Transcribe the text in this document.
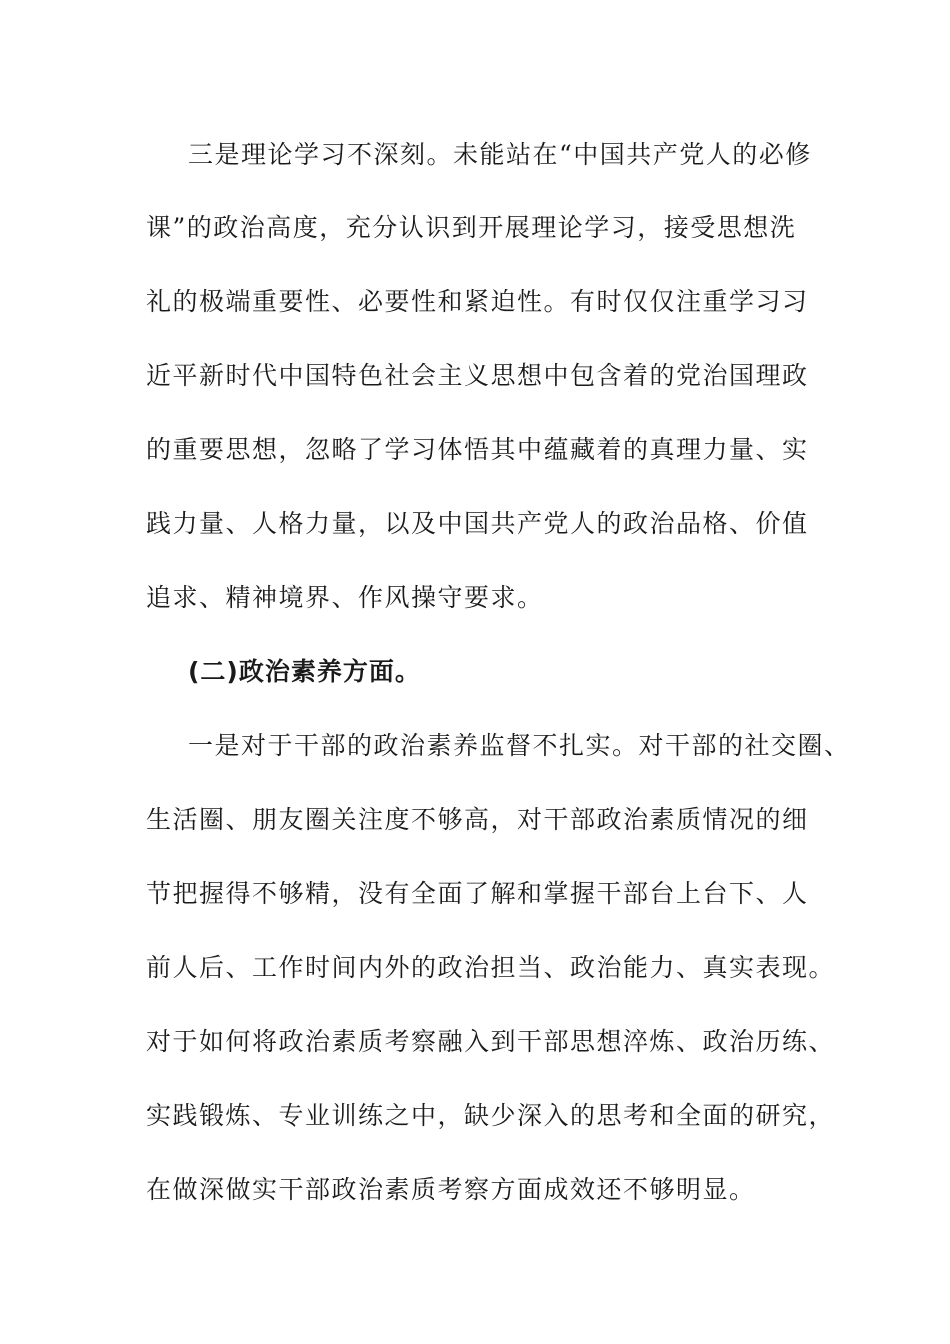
三是理论学习不深刻。未能站在“中国共产党人的必修
课”的政治高度，充分认识到开展理论学习，接受思想洗
礼的极端重要性、必要性和紧迫性。有时仅仅注重学习习
近平新时代中国特色社会主义思想中包含着的党治国理政
的重要思想，忽略了学习体悟其中蕴藏着的真理力量、实
践力量、人格力量，以及中国共产党人的政治品格、价值
追求、精神境界、作风操守要求。
(二)政治素养方面。
一是对于干部的政治素养监督不扎实。对干部的社交圈、
生活圈、朋友圈关注度不够高，对干部政治素质情况的细
节把握得不够精，没有全面了解和掌握干部台上台下、人
前人后、工作时间内外的政治担当、政治能力、真实表现。
对于如何将政治素质考察融入到干部思想淬炼、政治历练、
实践锻炼、专业训练之中，缺少深入的思考和全面的研究，
在做深做实干部政治素质考察方面成效还不够明显。
